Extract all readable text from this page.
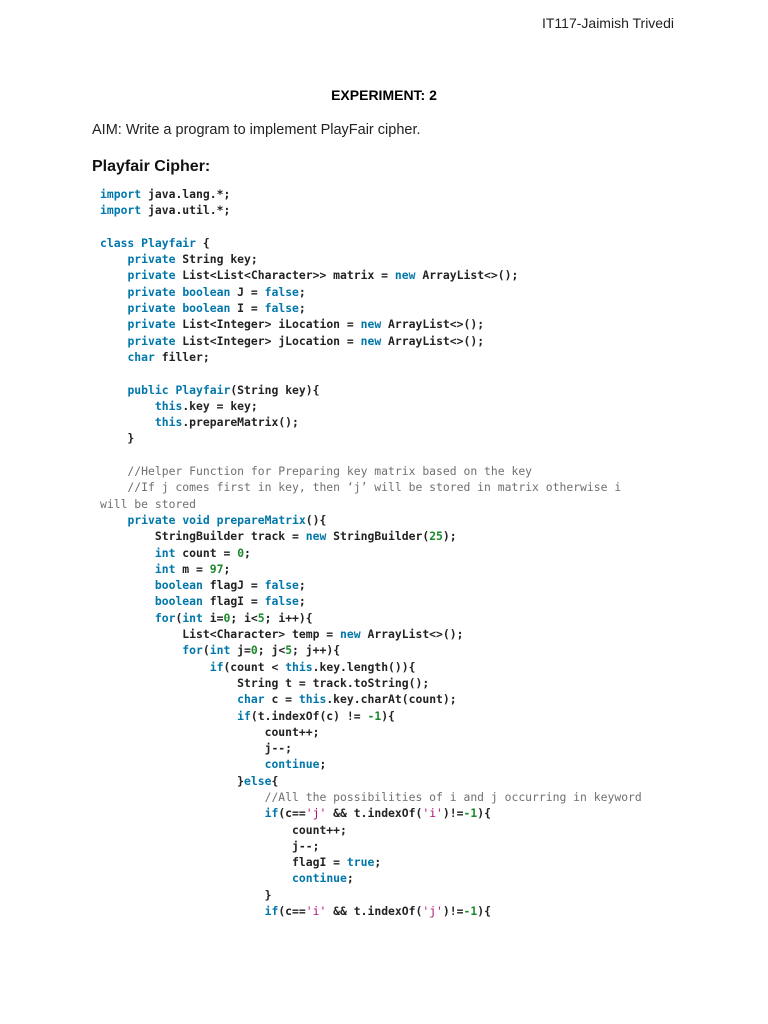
IT117-Jaimish Trivedi
EXPERIMENT: 2
AIM: Write a program to implement PlayFair cipher.
Playfair Cipher:
import java.lang.*;
import java.util.*;
class Playfair {
private String key;
private List<List<Character>> matrix = new ArrayList<>();
private boolean J = false;
private boolean I = false;
private List<Integer> iLocation = new ArrayList<>();
private List<Integer> jLocation = new ArrayList<>();
char filler;
public Playfair(String key){
this.key = key;
this.prepareMatrix();
}
//Helper Function for Preparing key matrix based on the key
//If j comes first in key, then ‘j’ will be stored in matrix otherwise i
will be stored
private void prepareMatrix(){
StringBuilder track = new StringBuilder(25);
int count = 0;
int m = 97;
boolean flagJ = false;
boolean flagI = false;
for(int i=0; i<5; i++){
List<Character> temp = new ArrayList<>();
for(int j=0; j<5; j++){
if(count < this.key.length()){
String t = track.toString();
char c = this.key.charAt(count);
if(t.indexOf(c) != -1){
count++;
j--;
continue;
}else{
//All the possibilities of i and j occurring in keyword
if(c=='j' && t.indexOf('i')!=-1){
count++;
j--;
flagI = true;
continue;
}
if(c=='i' && t.indexOf('j')!=-1){
